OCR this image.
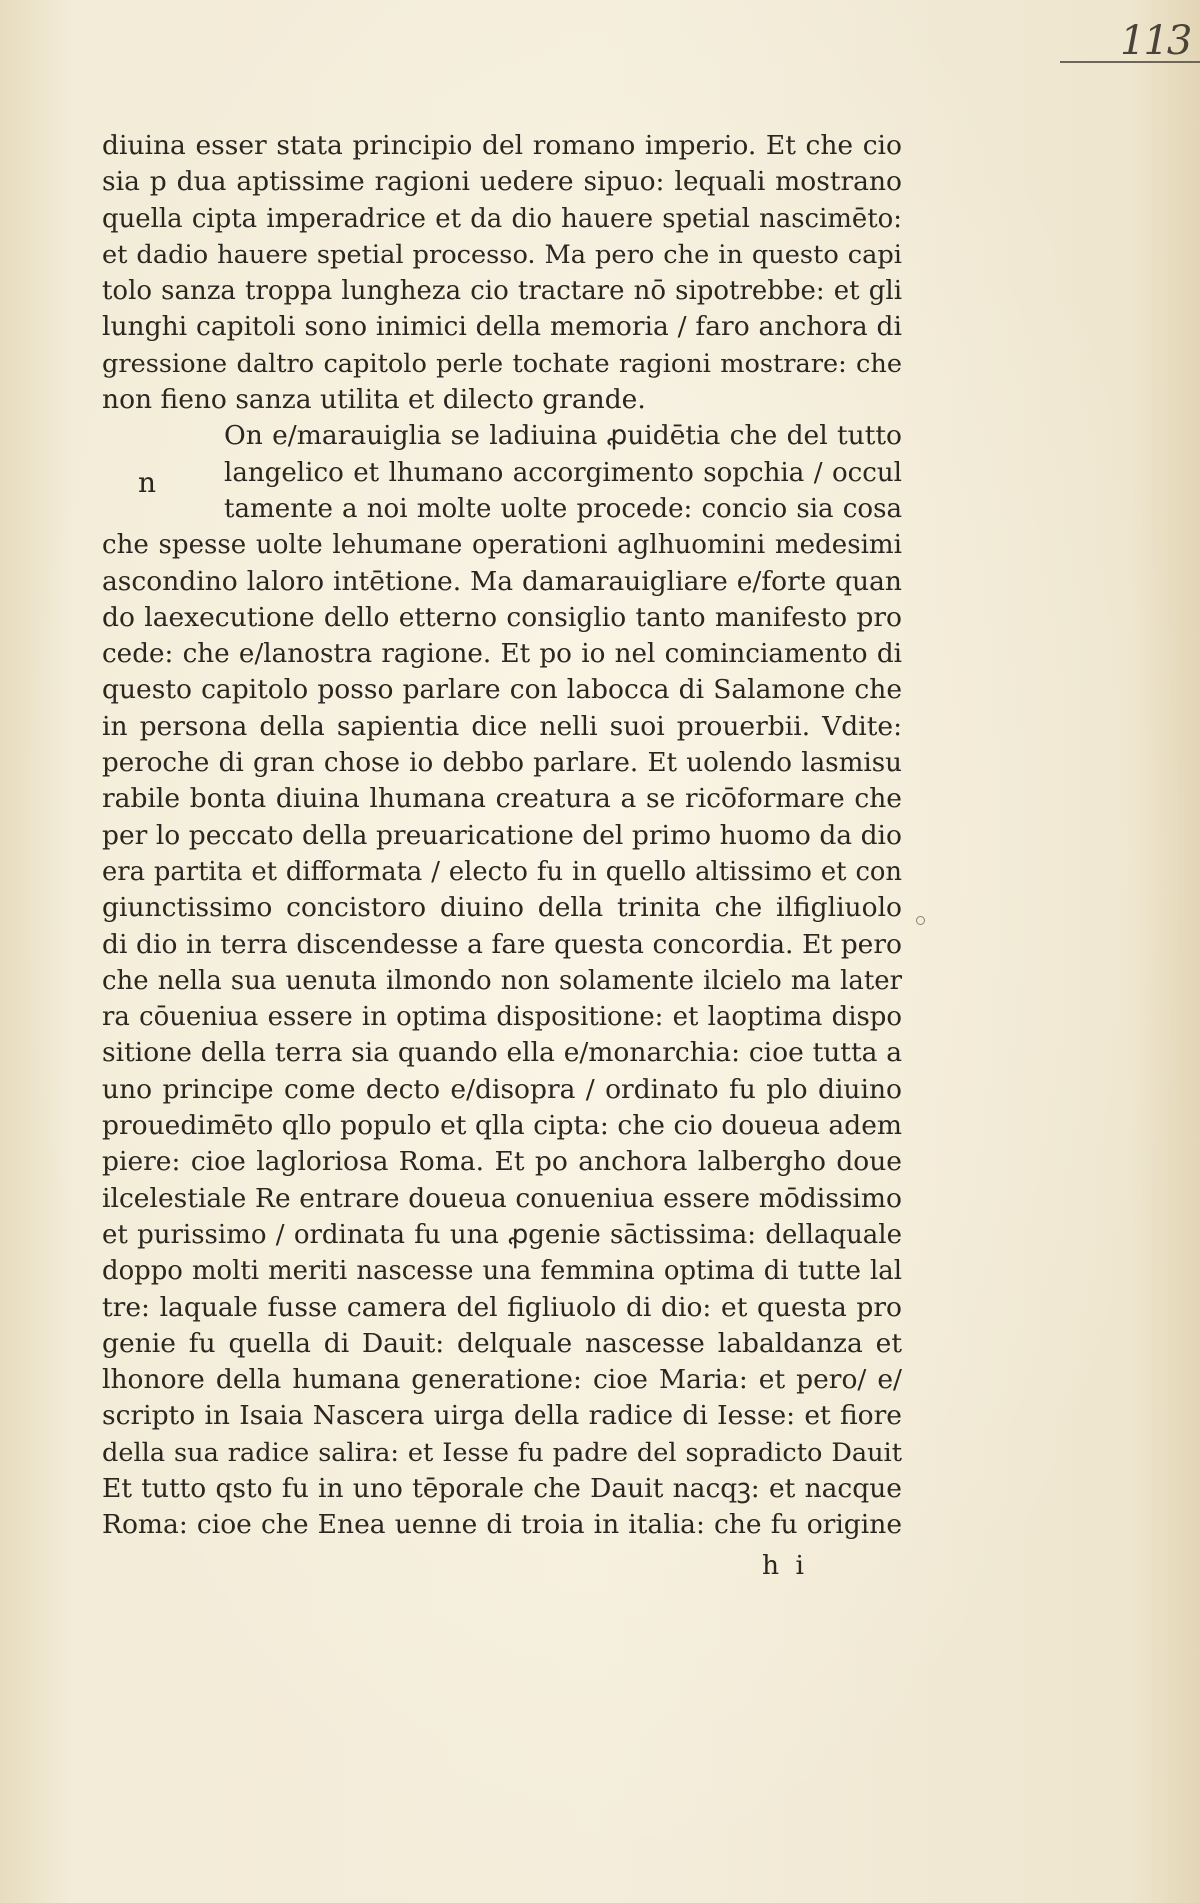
113
n
diuina esser stata principio del romano imperio. Et che cio
sia p dua aptissime ragioni uedere sipuo: lequali mostrano
quella cipta imperadrice et da dio hauere spetial nascimēto:
et dadio hauere spetial processo. Ma pero che in questo capi
tolo sanza troppa lungheza cio tractare nō sipotrebbe: et gli
lunghi capitoli sono inimici della memoria / faro anchora di
gressione daltro capitolo perle tochate ragioni mostrare: che
non fieno sanza utilita et dilecto grande.
On e/marauiglia se ladiuina ꝓuidētia che del tutto
langelico et lhumano accorgimento sopchia / occul
tamente a noi molte uolte procede: concio sia cosa
che spesse uolte lehumane operationi aglhuomini medesimi
ascondino laloro intētione. Ma damarauigliare e/forte quan
do laexecutione dello etterno consiglio tanto manifesto pro
cede: che e/lanostra ragione. Et po io nel cominciamento di
questo capitolo posso parlare con labocca di Salamone che
in persona della sapientia dice nelli suoi prouerbii. Vdite:
peroche di gran chose io debbo parlare. Et uolendo lasmisu
rabile bonta diuina lhumana creatura a se ricōformare che
per lo peccato della preuaricatione del primo huomo da dio
era partita et difformata / electo fu in quello altissimo et con
giunctissimo concistoro diuino della trinita che ilfigliuolo
di dio in terra discendesse a fare questa concordia. Et pero
che nella sua uenuta ilmondo non solamente ilcielo ma later
ra cōueniua essere in optima dispositione: et laoptima dispo
sitione della terra sia quando ella e/monarchia: cioe tutta a
uno principe come decto e/disopra / ordinato fu plo diuino
prouedimēto qllo populo et qlla cipta: che cio doueua adem
piere: cioe lagloriosa Roma. Et po anchora lalbergho doue
ilcelestiale Re entrare doueua conueniua essere mōdissimo
et purissimo / ordinata fu una ꝓgenie sāctissima: dellaquale
doppo molti meriti nascesse una femmina optima di tutte lal
tre: laquale fusse camera del figliuolo di dio: et questa pro
genie fu quella di Dauit: delquale nascesse labaldanza et
lhonore della humana generatione: cioe Maria: et pero/ e/
scripto in Isaia Nascera uirga della radice di Iesse: et fiore
della sua radice salira: et Iesse fu padre del sopradicto Dauit
Et tutto qsto fu in uno tēporale che Dauit nacqꝫ: et nacque
Roma: cioe che Enea uenne di troia in italia: che fu origine
h i
